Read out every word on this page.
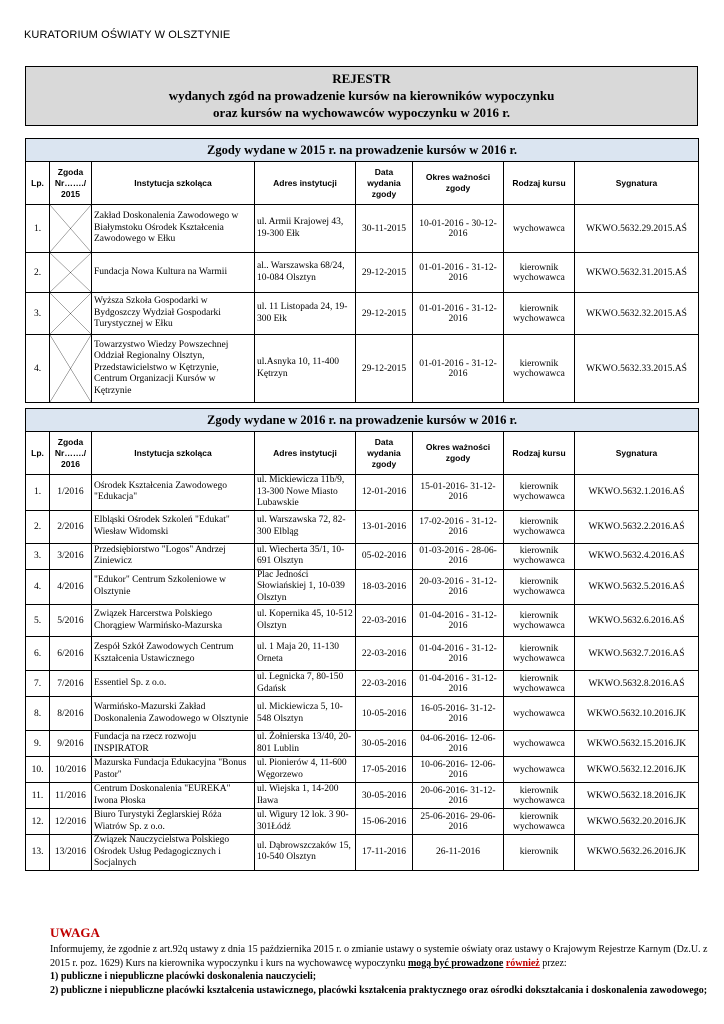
KURATORIUM OŚWIATY W OLSZTYNIE
REJESTR
wydanych zgód na prowadzenie kursów na kierowników wypoczynku
oraz kursów na wychowawców wypoczynku w 2016 r.
Zgody wydane w 2015 r. na prowadzenie kursów w 2016 r.							
Lp.	Zgoda Nr……./ 2015	Instytucja szkoląca	Adres instytucji	Data wydania zgody	Okres ważności zgody	Rodzaj kursu	Sygnatura
1.		Zakład Doskonalenia Zawodowego w Białymstoku Ośrodek Kształcenia Zawodowego w Ełku	ul. Armii Krajowej 43, 19-300 Ełk	30-11-2015	10-01-2016 - 30-12-2016	wychowawca	WKWO.5632.29.2015.AŚ
2.		Fundacja Nowa Kultura na Warmii	al.. Warszawska 68/24, 10-084 Olsztyn	29-12-2015	01-01-2016 - 31-12-2016	kierownik wychowawca	WKWO.5632.31.2015.AŚ
3.		Wyższa Szkoła Gospodarki w Bydgoszczy Wydział Gospodarki Turystycznej w Ełku	ul. 11 Listopada 24, 19-300 Ełk	29-12-2015	01-01-2016 - 31-12-2016	kierownik wychowawca	WKWO.5632.32.2015.AŚ
4.		Towarzystwo Wiedzy Powszechnej Oddział Regionalny Olsztyn, Przedstawicielstwo w Kętrzynie, Centrum Organizacji Kursów w Kętrzynie	ul.Asnyka 10, 11-400 Kętrzyn	29-12-2015	01-01-2016 - 31-12-2016	kierownik wychowawca	WKWO.5632.33.2015.AŚ
Zgody wydane w 2016 r. na prowadzenie kursów w 2016 r.							
Lp.	Zgoda Nr……./ 2016	Instytucja szkoląca	Adres instytucji	Data wydania zgody	Okres ważności zgody	Rodzaj kursu	Sygnatura
1.	1/2016	Ośrodek Kształcenia Zawodowego "Edukacja"	ul. Mickiewicza 11b/9, 13-300 Nowe Miasto Lubawskie	12-01-2016	15-01-2016- 31-12-2016	kierownik wychowawca	WKWO.5632.1.2016.AŚ
2.	2/2016	Elbląski Ośrodek Szkoleń "Edukat" Wiesław Widomski	ul. Warszawska 72, 82-300 Elbląg	13-01-2016	17-02-2016 - 31-12-2016	kierownik wychowawca	WKWO.5632.2.2016.AŚ
3.	3/2016	Przedsiębiorstwo "Logos" Andrzej Ziniewicz	ul. Wiecherta 35/1, 10-691 Olsztyn	05-02-2016	01-03-2016 - 28-06-2016	kierownik wychowawca	WKWO.5632.4.2016.AŚ
4.	4/2016	"Edukor" Centrum Szkoleniowe w Olsztynie	Plac Jedności Słowiańskiej 1, 10-039 Olsztyn	18-03-2016	20-03-2016 - 31-12-2016	kierownik wychowawca	WKWO.5632.5.2016.AŚ
5.	5/2016	Związek Harcerstwa Polskiego Chorągiew Warmińsko-Mazurska	ul. Kopernika 45, 10-512 Olsztyn	22-03-2016	01-04-2016 - 31-12-2016	kierownik wychowawca	WKWO.5632.6.2016.AŚ
6.	6/2016	Zespół Szkół Zawodowych Centrum Kształcenia Ustawicznego	ul. 1 Maja 20, 11-130 Orneta	22-03-2016	01-04-2016 - 31-12-2016	kierownik wychowawca	WKWO.5632.7.2016.AŚ
7.	7/2016	Essentiel Sp. z o.o.	ul. Legnicka 7, 80-150 Gdańsk	22-03-2016	01-04-2016 - 31-12-2016	kierownik wychowawca	WKWO.5632.8.2016.AŚ
8.	8/2016	Warmińsko-Mazurski Zakład Doskonalenia Zawodowego w Olsztynie	ul. Mickiewicza 5, 10-548 Olsztyn	10-05-2016	16-05-2016- 31-12-2016	wychowawca	WKWO.5632.10.2016.JK
9.	9/2016	Fundacja na rzecz rozwoju INSPIRATOR	ul. Żołnierska 13/40, 20-801 Lublin	30-05-2016	04-06-2016- 12-06-2016	wychowawca	WKWO.5632.15.2016.JK
10.	10/2016	Mazurska Fundacja Edukacyjna "Bonus Pastor"	ul. Pionierów 4, 11-600 Węgorzewo	17-05-2016	10-06-2016- 12-06-2016	wychowawca	WKWO.5632.12.2016.JK
11.	11/2016	Centrum Doskonalenia "EUREKA" Iwona Płoska	ul. Wiejska 1, 14-200 Iława	30-05-2016	20-06-2016- 31-12-2016	kierownik wychowawca	WKWO.5632.18.2016.JK
12.	12/2016	Biuro Turystyki Żeglarskiej Róża Wiatrów Sp. z o.o.	ul. Wigury 12 lok. 3 90-301Łódź	15-06-2016	25-06-2016- 29-06-2016	kierownik wychowawca	WKWO.5632.20.2016.JK
13.	13/2016	Związek Nauczycielstwa Polskiego Ośrodek Usług Pedagogicznych i Socjalnych	ul. Dąbrowszczaków 15, 10-540 Olsztyn	17-11-2016	26-11-2016	kierownik	WKWO.5632.26.2016.JK
UWAGA

Informujemy, że zgodnie z art.92q ustawy z dnia 15 października 2015 r. o zmianie ustawy o systemie oświaty oraz ustawy o Krajowym Rejestrze Karnym (Dz.U. z 2015 r. poz. 1629) Kurs na kierownika wypoczynku i kurs na wychowawcę wypoczynku mogą być prowadzone również przez:

1) publiczne i niepubliczne placówki doskonalenia nauczycieli;

2) publiczne i niepubliczne placówki kształcenia ustawicznego, placówki kształcenia praktycznego oraz ośrodki dokształcania i doskonalenia zawodowego;
